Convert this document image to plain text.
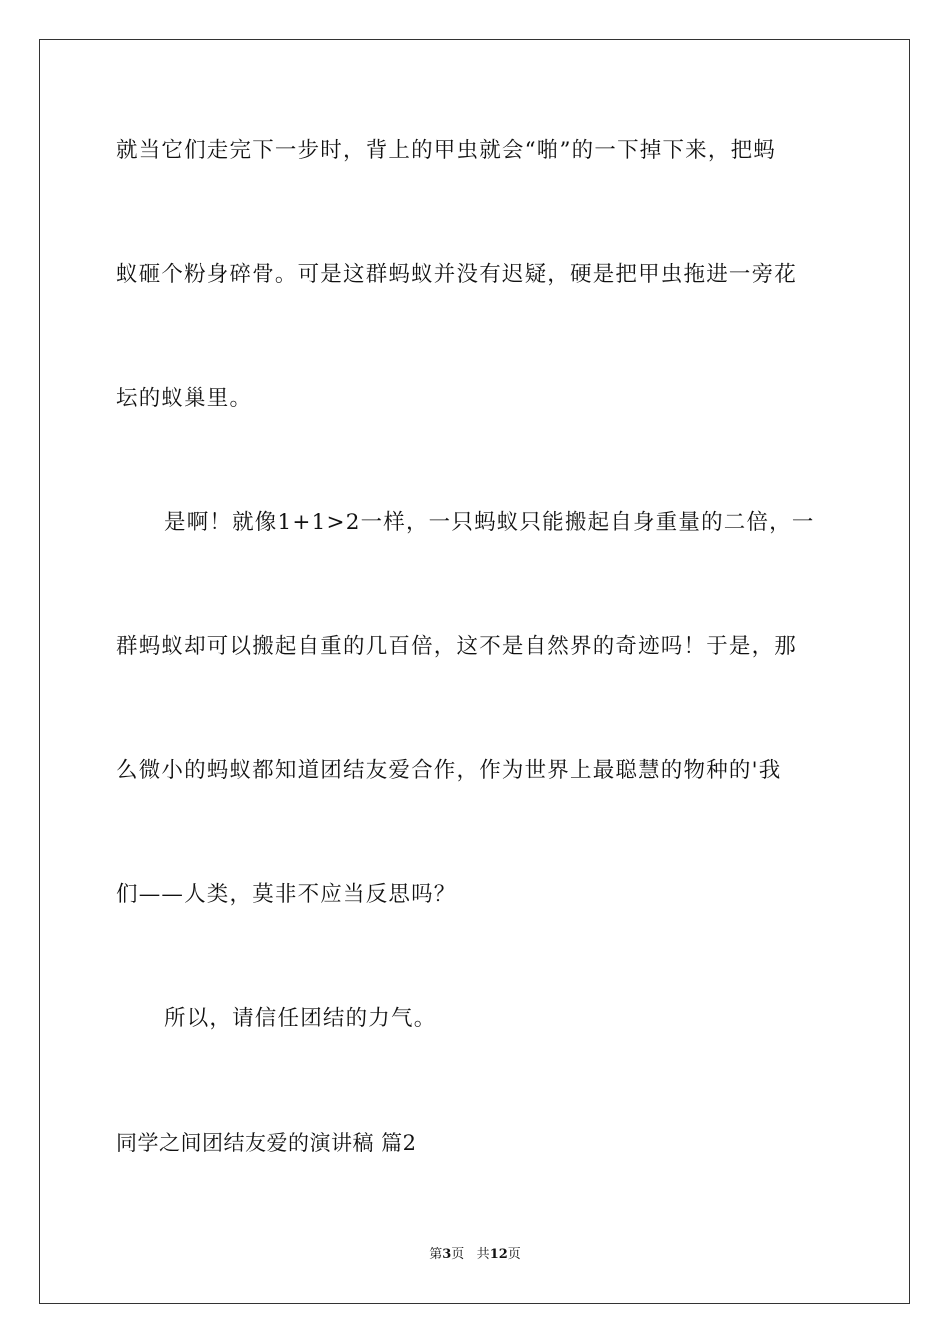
就当它们走完下一步时，背上的甲虫就会“啪”的一下掉下来，把蚂
蚁砸个粉身碎骨。可是这群蚂蚁并没有迟疑，硬是把甲虫拖进一旁花
坛的蚁巢里。
是啊！就像1+1>2一样，一只蚂蚁只能搬起自身重量的二倍，一
群蚂蚁却可以搬起自重的几百倍，这不是自然界的奇迹吗！于是，那
么微小的蚂蚁都知道团结友爱合作，作为世界上最聪慧的物种的'我
们——人类，莫非不应当反思吗？
所以，请信任团结的力气。
同学之间团结友爱的演讲稿 篇2
第3页 共12页
